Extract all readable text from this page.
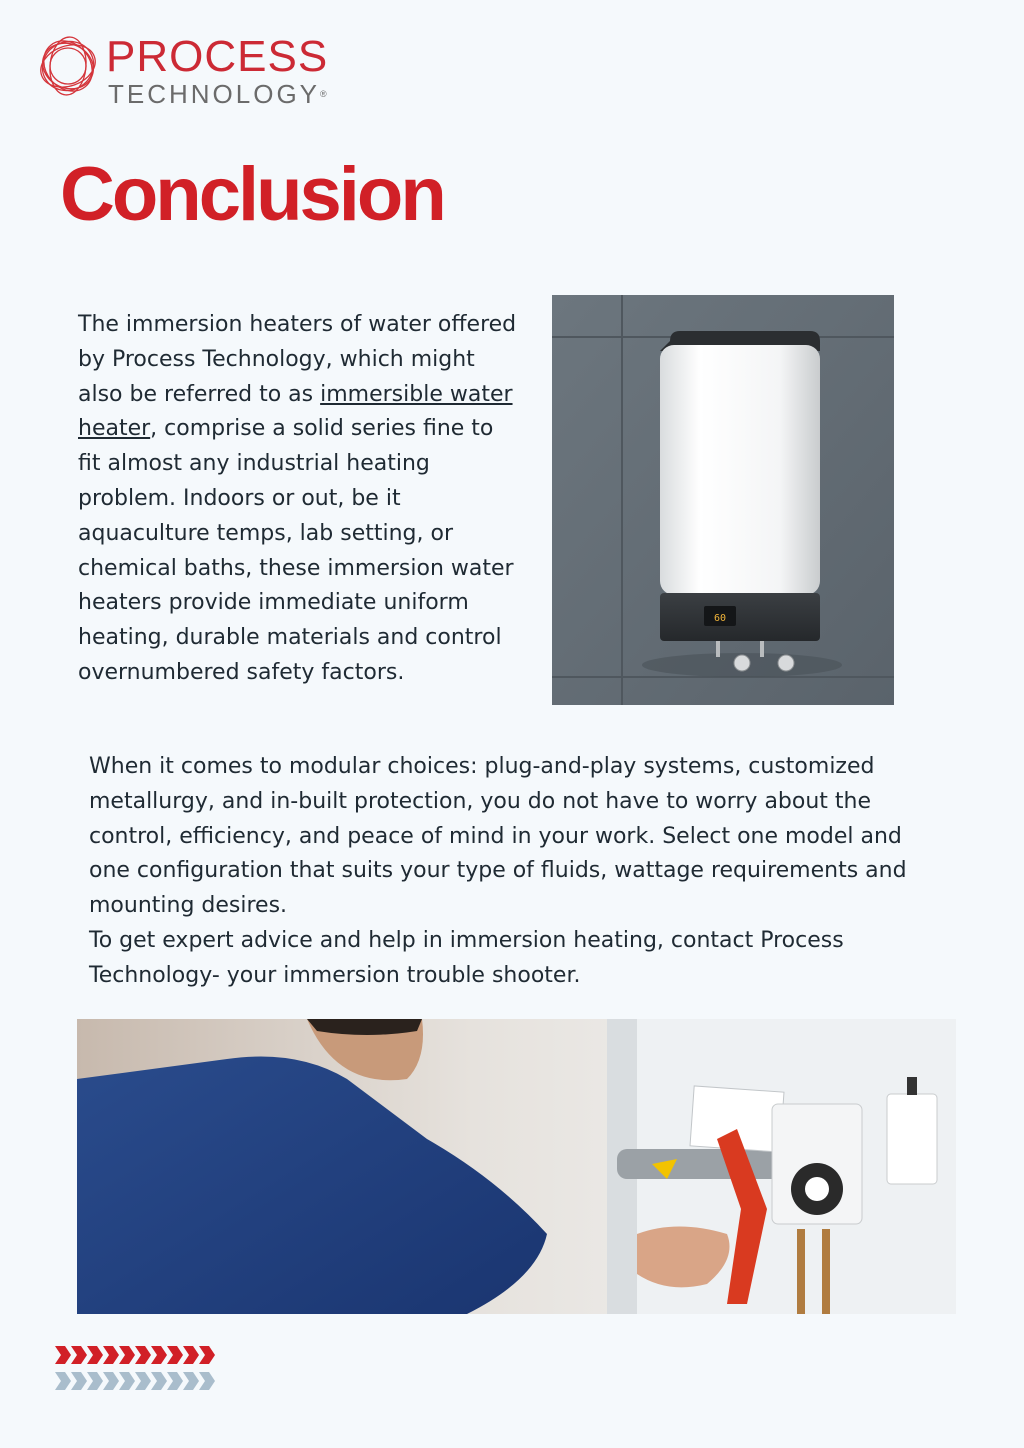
PROCESS
TECHNOLOGY®
Conclusion

The immersion heaters of water offered by Process Technology, which might also be referred to as immersible water heater, comprise a solid series fine to fit almost any industrial heating problem. Indoors or out, be it aquaculture temps, lab setting, or chemical baths, these immersion water heaters provide immediate uniform heating, durable materials and control overnumbered safety factors.

60
When it comes to modular choices: plug-and-play systems, customized metallurgy, and in-built protection, you do not have to worry about the control, efficiency, and peace of mind in your work. Select one model and one configuration that suits your type of fluids, wattage requirements and mounting desires.
To get expert advice and help in immersion heating, contact Process Technology- your immersion trouble shooter.
